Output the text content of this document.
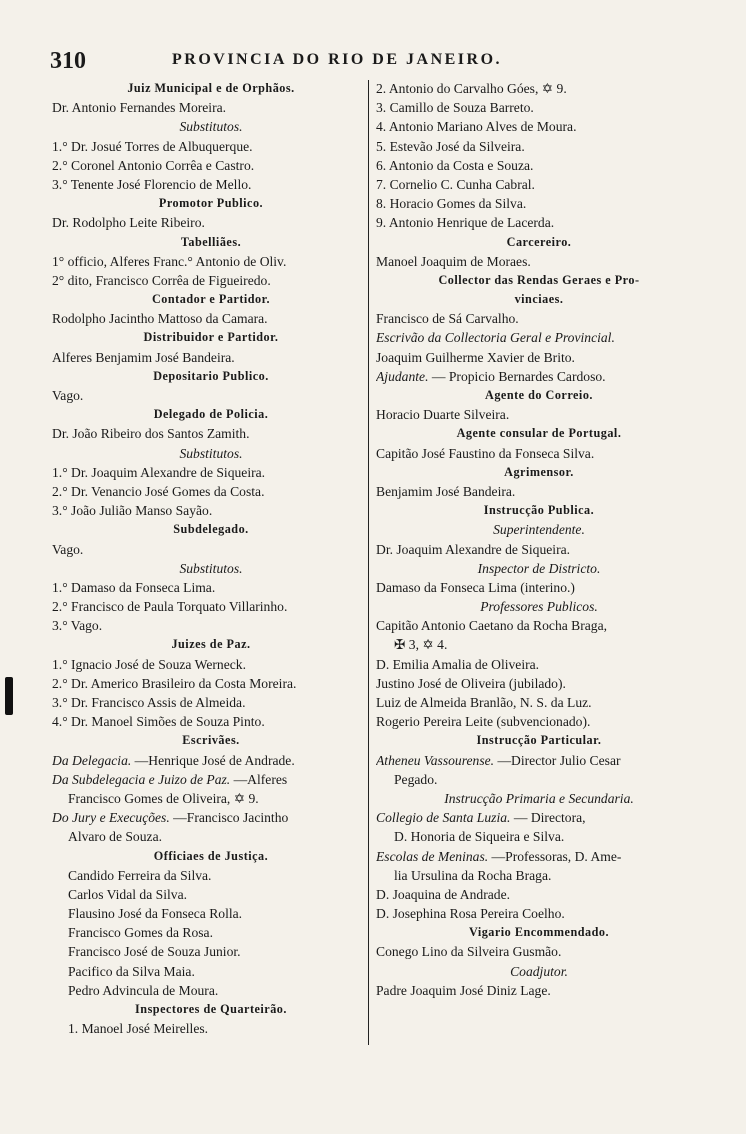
310	PROVINCIA DO RIO DE JANEIRO.
Juiz Municipal e de Orphãos.
Dr. Antonio Fernandes Moreira.
Substitutos.
1.° Dr. Josué Torres de Albuquerque.
2.° Coronel Antonio Corrêa e Castro.
3.° Tenente José Florencio de Mello.
Promotor Publico.
Dr. Rodolpho Leite Ribeiro.
Tabelliães.
1° officio, Alferes Franc.° Antonio de Oliv.
2° dito, Francisco Corrêa de Figueiredo.
Contador e Partidor.
Rodolpho Jacintho Mattoso da Camara.
Distribuidor e Partidor.
Alferes Benjamim José Bandeira.
Depositario Publico.
Vago.
Delegado de Policia.
Dr. João Ribeiro dos Santos Zamith.
Substitutos.
1.° Dr. Joaquim Alexandre de Siqueira.
2.° Dr. Venancio José Gomes da Costa.
3.° João Julião Manso Sayão.
Subdelegado.
Vago.
Substitutos.
1.° Damaso da Fonseca Lima.
2.° Francisco de Paula Torquato Villarinho.
3.° Vago.
Juizes de Paz.
1.° Ignacio José de Souza Werneck.
2.° Dr. Americo Brasileiro da Costa Moreira.
3.° Dr. Francisco Assis de Almeida.
4.° Dr. Manoel Simões de Souza Pinto.
Escrivães.
Da Delegacia. —Henrique José de Andrade.
Da Subdelegacia e Juizo de Paz. —Alferes
Francisco Gomes de Oliveira, ✡ 9.
Do Jury e Execuções. —Francisco Jacintho
Alvaro de Souza.
Officiaes de Justiça.
Candido Ferreira da Silva.
Carlos Vidal da Silva.
Flausino José da Fonseca Rolla.
Francisco Gomes da Rosa.
Francisco José de Souza Junior.
Pacifico da Silva Maia.
Pedro Advincula de Moura.
Inspectores de Quarteirão.
1. Manoel José Meirelles.
2. Antonio do Carvalho Góes, ✡ 9.
3. Camillo de Souza Barreto.
4. Antonio Mariano Alves de Moura.
5. Estevão José da Silveira.
6. Antonio da Costa e Souza.
7. Cornelio C. Cunha Cabral.
8. Horacio Gomes da Silva.
9. Antonio Henrique de Lacerda.
Carcereiro.
Manoel Joaquim de Moraes.
Collector das Rendas Geraes e Pro-
vinciaes.
Francisco de Sá Carvalho.
Escrivão da Collectoria Geral e Provincial.
Joaquim Guilherme Xavier de Brito.
Ajudante. — Propicio Bernardes Cardoso.
Agente do Correio.
Horacio Duarte Silveira.
Agente consular de Portugal.
Capitão José Faustino da Fonseca Silva.
Agrimensor.
Benjamim José Bandeira.
Instrucção Publica.
Superintendente.
Dr. Joaquim Alexandre de Siqueira.
Inspector de Districto.
Damaso da Fonseca Lima (interino.)
Professores Publicos.
Capitão Antonio Caetano da Rocha Braga,
✠ 3, ✡ 4.
D. Emilia Amalia de Oliveira.
Justino José de Oliveira (jubilado).
Luiz de Almeida Branlão, N. S. da Luz.
Rogerio Pereira Leite (subvencionado).
Instrucção Particular.
Atheneu Vassourense. —Director Julio Cesar
Pegado.
Instrucção Primaria e Secundaria.
Collegio de Santa Luzia. — Directora,
D. Honoria de Siqueira e Silva.
Escolas de Meninas. —Professoras, D. Ame-
lia Ursulina da Rocha Braga.
D. Joaquina de Andrade.
D. Josephina Rosa Pereira Coelho.
Vigario Encommendado.
Conego Lino da Silveira Gusmão.
Coadjutor.
Padre Joaquim José Diniz Lage.
